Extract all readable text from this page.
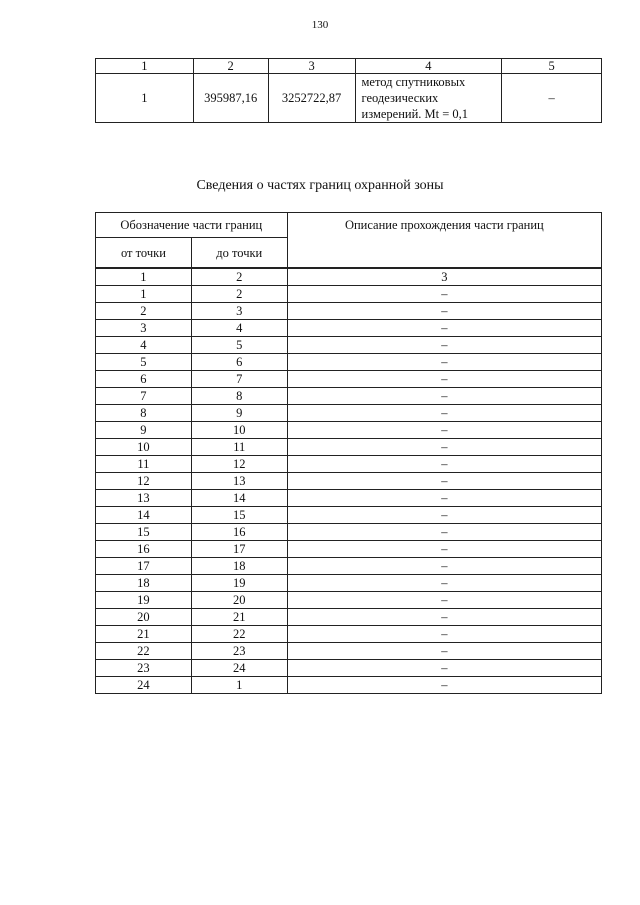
130
1	2	3	4	5
1	395987,16	3252722,87	метод спутниковых
геодезических
измерений. Mt = 0,1	–
Сведения о частях границ охранной зоны
Обозначение части границ		Описание прохождения части границ
от точки	до точки	
1	2	3
1	2	–
2	3	–
3	4	–
4	5	–
5	6	–
6	7	–
7	8	–
8	9	–
9	10	–
10	11	–
11	12	–
12	13	–
13	14	–
14	15	–
15	16	–
16	17	–
17	18	–
18	19	–
19	20	–
20	21	–
21	22	–
22	23	–
23	24	–
24	1	–
